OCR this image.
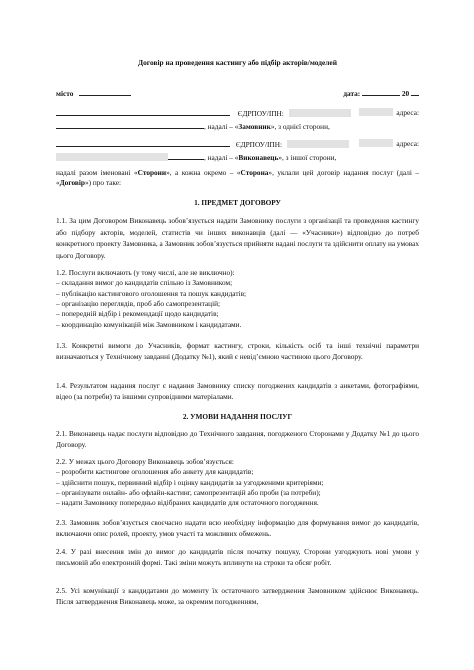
Договір на проведення кастингу або підбір акторів/моделей
місто	дата:	20
ЄДРПОУ/ІПН:	адреса:
, надалі – «Замовник», з однієї сторони,
ЄДРПОУ/ІПН:	адреса:
, надалі – «Виконавець», з іншої сторони,

надалі разом іменовані «Сторони», а кожна окремо – «Сторона», уклали цей договір надання послуг (далі – «Договір») про таке:

1. ПРЕДМЕТ ДОГОВОРУ
1.1. За цим Договором Виконавець зобов’язується надати Замовнику послуги з організації та проведення кастингу або підбору акторів, моделей, статистів чи інших виконавців (далі — «Учасники») відповідно до потреб конкретного проекту Замовника, а Замовник зобов’язується прийняти надані послуги та здійснити оплату на умовах цього Договору.

1.2. Послуги включають (у тому числі, але не виключно):

– складання вимог до кандидатів спільно із Замовником;
– публікацію кастингового оголошення та пошук кандидатів;
– організацію переглядів, проб або самопрезентацій;
– попередній відбір і рекомендації щодо кандидатів;
– координацію комунікацій між Замовником і кандидатами.
1.3. Конкретні вимоги до Учасників, формат кастингу, строки, кількість осіб та інші технічні параметри визначаються у Технічному завданні (Додатку №1), який є невід’ємною частиною цього Договору.
1.4. Результатом надання послуг є надання Замовнику списку погоджених кандидатів з анкетами, фотографіями, відео (за потреби) та іншими супровідними матеріалами.
2. УМОВИ НАДАННЯ ПОСЛУГ
2.1. Виконавець надає послуги відповідно до Технічного завдання, погодженого Сторонами у Додатку №1 до цього Договору.

2.2. У межах цього Договору Виконавець зобов’язується:

– розробити кастингове оголошення або анкету для кандидатів;
– здійснити пошук, первинний відбір і оцінку кандидатів за узгодженими критеріями;
– організувати онлайн- або офлайн-кастинг, самопрезентацій або проби (за потреби);
– надати Замовнику попередньо відібраних кандидатів для остаточного погодження.
2.3. Замовник зобов’язується своєчасно надати всю необхідну інформацію для формування вимог до кандидатів, включаючи опис ролей, проекту, умов участі та можливих обмежень.
2.4. У разі внесення змін до вимог до кандидатів після початку пошуку, Сторони узгоджують нові умови у письмовій або електронній формі. Такі зміни можуть вплинути на строки та обсяг робіт.
2.5. Усі комунікації з кандидатами до моменту їх остаточного затвердження Замовником здійснює Виконавець. Після затвердження Виконавець може, за окремим погодженням,
